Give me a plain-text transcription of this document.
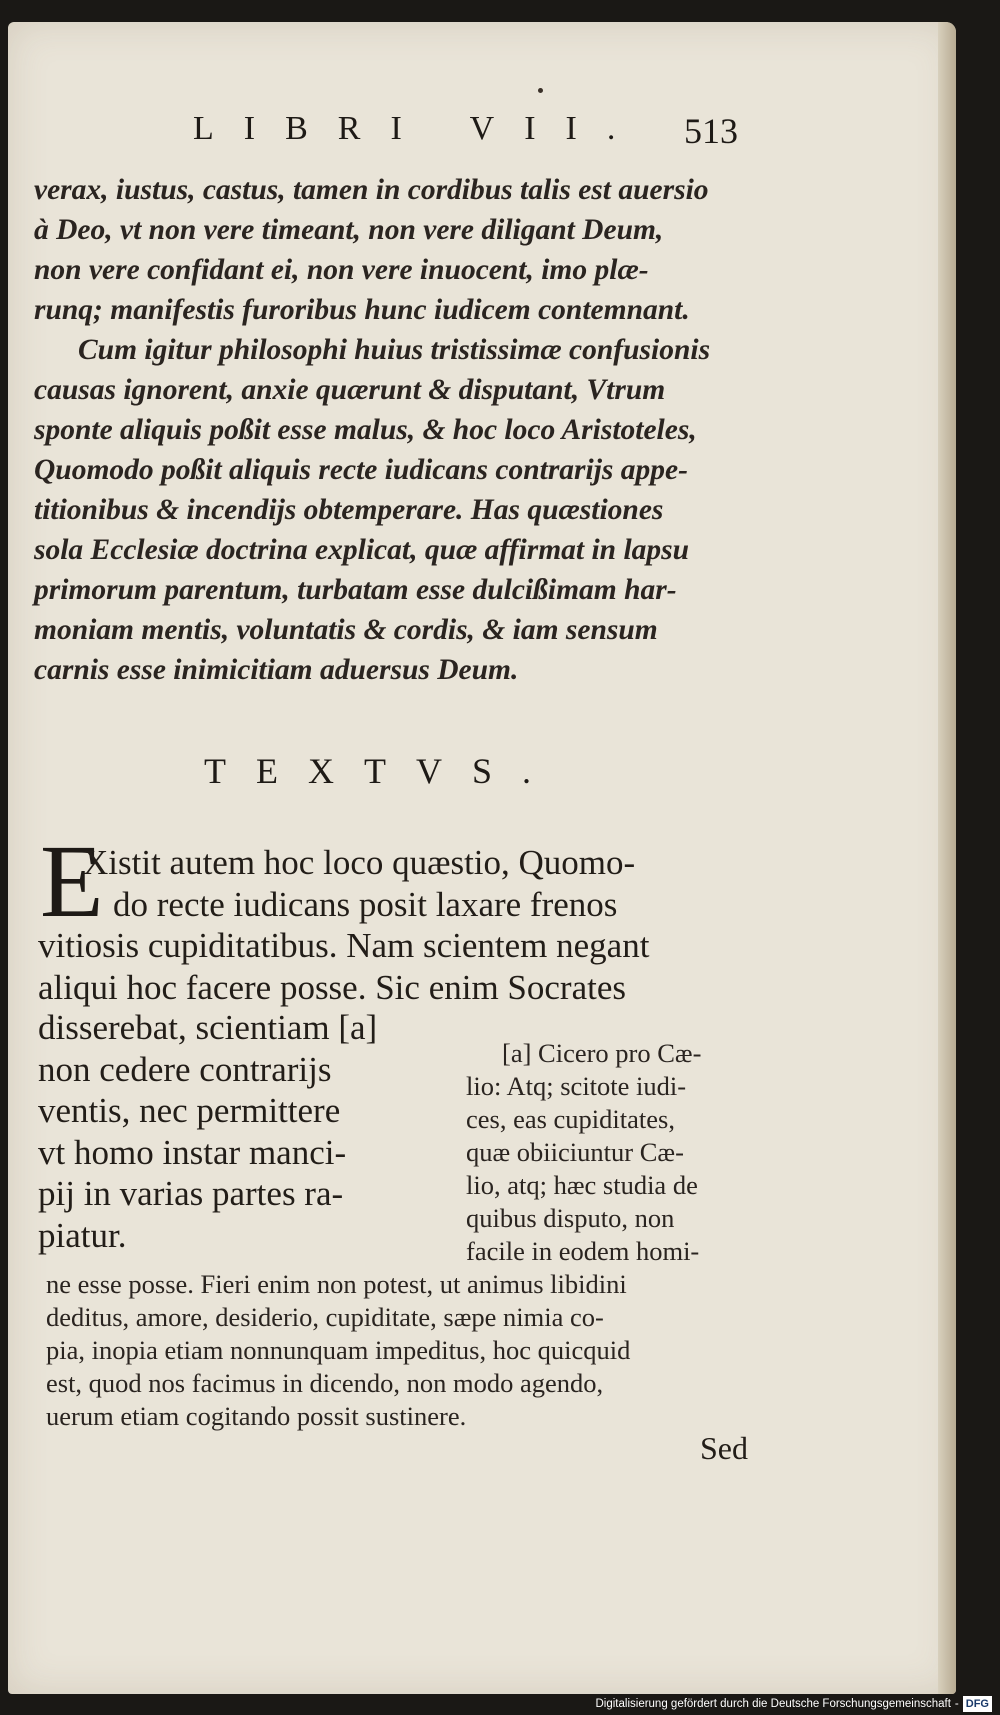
LIBRI VII. 513

verax, iustus, castus, tamen in cordibus talis est auersio
à Deo, vt non vere timeant, non vere diligant Deum,
non vere confidant ei, non vere inuocent, imo plæ-
runq; manifestis furoribus hunc iudicem contemnant.

Cum igitur philosophi huius tristissimæ confusionis
causas ignorent, anxie quærunt & disputant, Vtrum
sponte aliquis poßit esse malus, & hoc loco Aristoteles,
Quomodo poßit aliquis recte iudicans contrarijs appe-
titionibus & incendijs obtemperare. Has quæstiones
sola Ecclesiæ doctrina explicat, quæ affirmat in lapsu
primorum parentum, turbatam esse dulcißimam har-
moniam mentis, voluntatis & cordis, & iam sensum
carnis esse inimicitiam aduersus Deum.

TEXTVS.
E
Xistit autem hoc loco quæstio, Quomo-
do recte iudicans posit laxare frenos
vitiosis cupiditatibus. Nam scientem negant
aliqui hoc facere posse. Sic enim Socrates
disserebat, scientiam [a]
non cedere contrarijs
ventis, nec permittere
vt homo instar manci-
pij in varias partes ra-
piatur.
[a] Cicero pro Cæ-
lio: Atq; scitote iudi-
ces, eas cupiditates,
quæ obiiciuntur Cæ-
lio, atq; hæc studia de
quibus disputo, non
facile in eodem homi-
ne esse posse. Fieri enim non potest, ut animus libidini
deditus, amore, desiderio, cupiditate, sæpe nimia co-
pia, inopia etiam nonnunquam impeditus, hoc quicquid
est, quod nos facimus in dicendo, non modo agendo,
uerum etiam cogitando possit sustinere.
Sed
Digitalisierung gefördert durch die Deutsche Forschungsgemeinschaft - DFG
